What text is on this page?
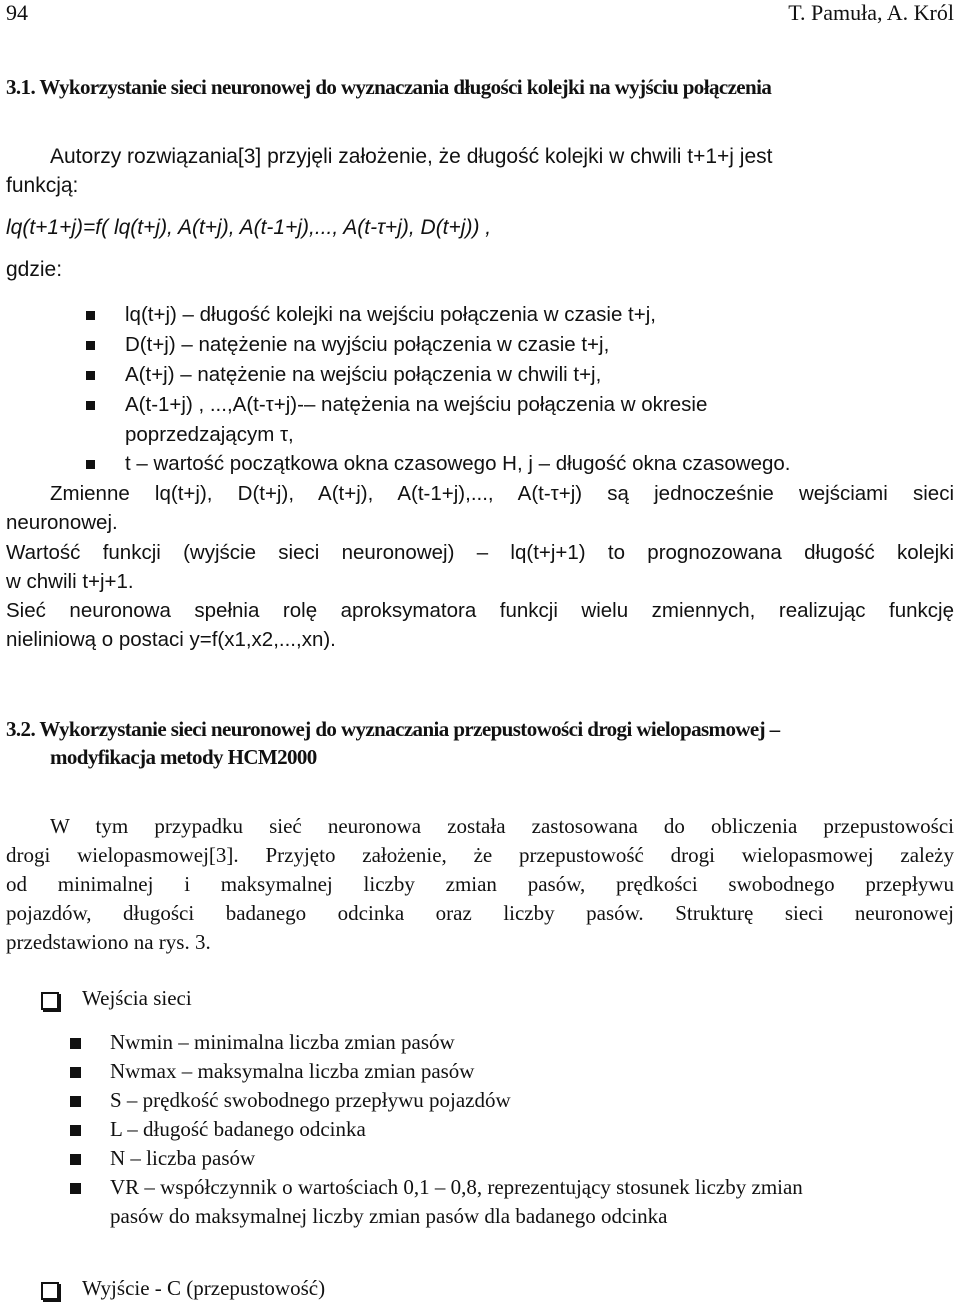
94	T. Pamuła, A. Król
3.1. Wykorzystanie sieci neuronowej do wyznaczania długości kolejki na wyjściu połączenia
Autorzy rozwiązania[3] przyjęli założenie, że długość kolejki w chwili t+1+j jest
funkcją:
lq(t+1+j)=f( lq(t+j), A(t+j), A(t-1+j),..., A(t-τ+j), D(t+j)) ,
gdzie:
lq(t+j) – długość kolejki na wejściu połączenia w czasie t+j,
D(t+j) – natężenie na wyjściu połączenia w czasie t+j,
A(t+j) – natężenie na wejściu połączenia w chwili t+j,
A(t-1+j) , ...,A(t-τ+j)-– natężenia na wejściu połączenia w okresie
poprzedzającym τ,
t – wartość początkowa okna czasowego H, j – długość okna czasowego.
Zmienne lq(t+j), D(t+j), A(t+j), A(t-1+j),..., A(t-τ+j) są jednocześnie wejściami sieci
neuronowej.
Wartość funkcji (wyjście sieci neuronowej) – lq(t+j+1) to prognozowana długość kolejki
w chwili t+j+1.
Sieć neuronowa spełnia rolę aproksymatora funkcji wielu zmiennych, realizując funkcję
nieliniową o postaci y=f(x1,x2,...,xn).
3.2. Wykorzystanie sieci neuronowej do wyznaczania przepustowości drogi wielopasmowej –
modyfikacja metody HCM2000
W tym przypadku sieć neuronowa została zastosowana do obliczenia przepustowości
drogi wielopasmowej[3]. Przyjęto założenie, że przepustowość drogi wielopasmowej zależy
od minimalnej i maksymalnej liczby zmian pasów, prędkości swobodnego przepływu
pojazdów, długości badanego odcinka oraz liczby pasów. Strukturę sieci neuronowej
przedstawiono na rys. 3.
Wejścia sieci
Nwmin – minimalna liczba zmian pasów
Nwmax – maksymalna liczba zmian pasów
S – prędkość swobodnego przepływu pojazdów
L – długość badanego odcinka
N – liczba pasów
VR – współczynnik o wartościach 0,1 – 0,8, reprezentujący stosunek liczby zmian
pasów do maksymalnej liczby zmian pasów dla badanego odcinka
Wyjście - C (przepustowość)
